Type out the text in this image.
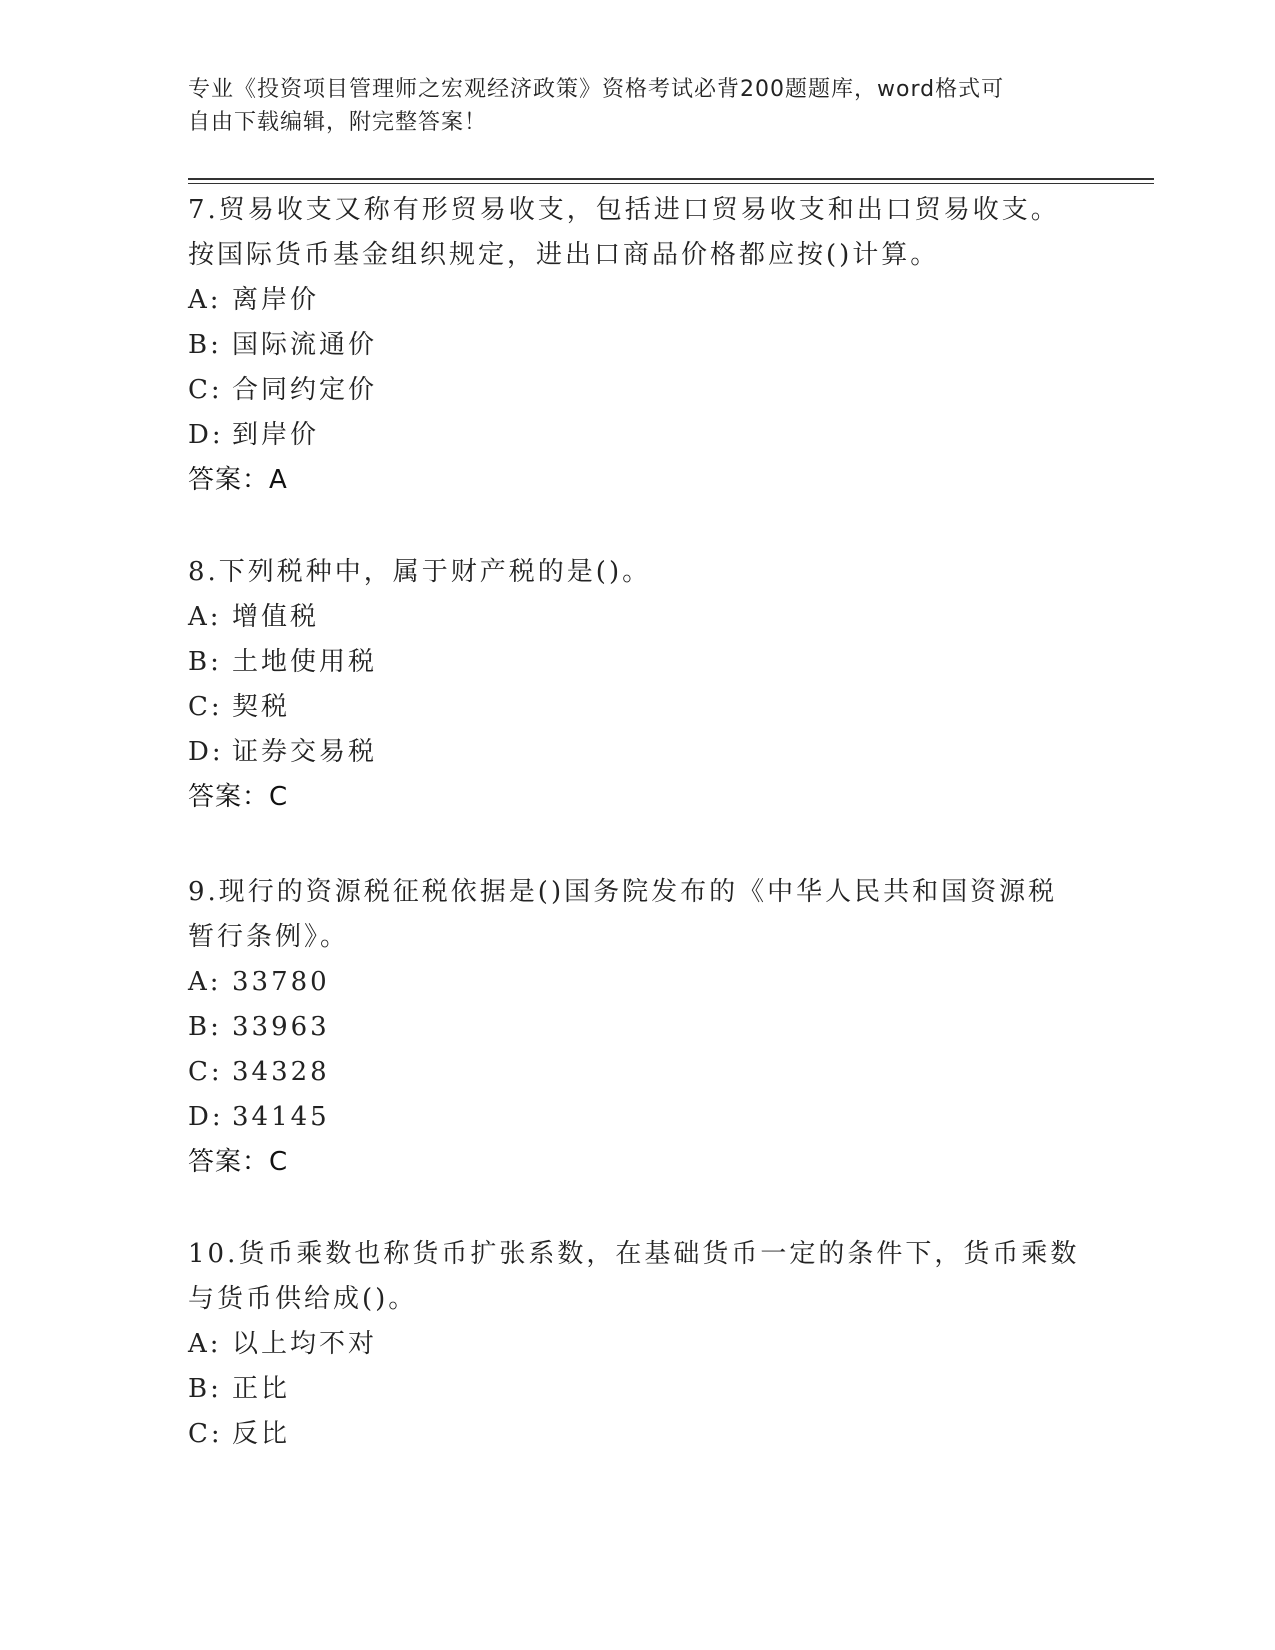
专业《投资项目管理师之宏观经济政策》资格考试必背200题题库，word格式可
自由下载编辑，附完整答案！
7.贸易收支又称有形贸易收支，包括进口贸易收支和出口贸易收支。
按国际货币基金组织规定，进出口商品价格都应按()计算。
A: 离岸价
B: 国际流通价
C: 合同约定价
D: 到岸价
答案：A
8.下列税种中，属于财产税的是()。
A: 增值税
B: 土地使用税
C: 契税
D: 证券交易税
答案：C
9.现行的资源税征税依据是()国务院发布的《中华人民共和国资源税
暂行条例》。
A: 33780
B: 33963
C: 34328
D: 34145
答案：C
10.货币乘数也称货币扩张系数，在基础货币一定的条件下，货币乘数
与货币供给成()。
A: 以上均不对
B: 正比
C: 反比
